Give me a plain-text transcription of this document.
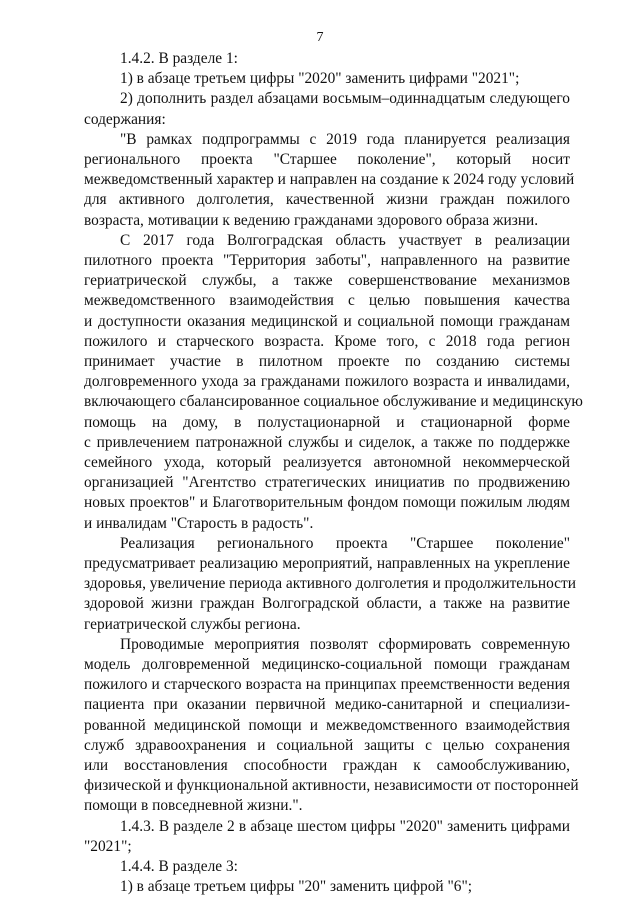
7
1.4.2. В разделе 1:
1) в абзаце третьем цифры "2020" заменить цифрами "2021";
2) дополнить раздел абзацами восьмым–одиннадцатым следующего
содержания:
"В рамках подпрограммы с 2019 года планируется реализация
регионального проекта "Старшее поколение", который носит
межведомственный характер и направлен на создание к 2024 году условий
для активного долголетия, качественной жизни граждан пожилого
возраста, мотивации к ведению гражданами здорового образа жизни.
С 2017 года Волгоградская область участвует в реализации
пилотного проекта "Территория заботы", направленного на развитие
гериатрической службы, а также совершенствование механизмов
межведомственного взаимодействия с целью повышения качества
и доступности оказания медицинской и социальной помощи гражданам
пожилого и старческого возраста. Кроме того, с 2018 года регион
принимает участие в пилотном проекте по созданию системы
долговременного ухода за гражданами пожилого возраста и инвалидами,
включающего сбалансированное социальное обслуживание и медицинскую
помощь на дому, в полустационарной и стационарной форме
с привлечением патронажной службы и сиделок, а также по поддержке
семейного ухода, который реализуется автономной некоммерческой
организацией "Агентство стратегических инициатив по продвижению
новых проектов" и Благотворительным фондом помощи пожилым людям
и инвалидам "Старость в радость".
Реализация регионального проекта "Старшее поколение"
предусматривает реализацию мероприятий, направленных на укрепление
здоровья, увеличение периода активного долголетия и продолжительности
здоровой жизни граждан Волгоградской области, а также на развитие
гериатрической службы региона.
Проводимые мероприятия позволят сформировать современную
модель долговременной медицинско-социальной помощи гражданам
пожилого и старческого возраста на принципах преемственности ведения
пациента при оказании первичной медико-санитарной и специализи-
рованной медицинской помощи и межведомственного взаимодействия
служб здравоохранения и социальной защиты с целью сохранения
или восстановления способности граждан к самообслуживанию,
физической и функциональной активности, независимости от посторонней
помощи в повседневной жизни.".
1.4.3. В разделе 2 в абзаце шестом цифры "2020" заменить цифрами
"2021";
1.4.4. В разделе 3:
1) в абзаце третьем цифры "20" заменить цифрой "6";
